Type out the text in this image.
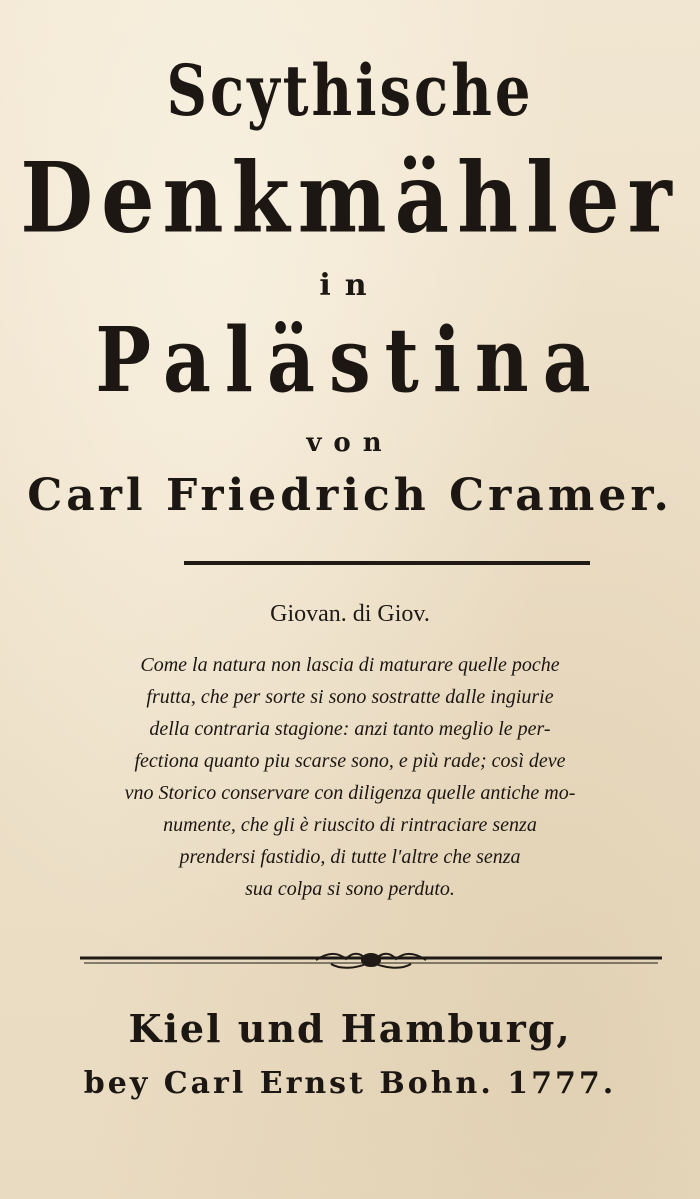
Scythische
Denkmähler
in
Palästina
von
Carl Friedrich Cramer.
Giovan. di Giov.
Come la natura non lascia di maturare quelle poche
frutta, che per sorte si sono sostratte dalle ingiurie
della contraria stagione: anzi tanto meglio le per-
fectiona quanto piu scarse sono, e più rade; così deve
vno Storico conservare con diligenza quelle antiche mo-
numente, che gli è riuscito di rintraciare senza
prendersi fastidio, di tutte l'altre che senza
sua colpa si sono perduto.
Kiel und Hamburg,
bey Carl Ernst Bohn. 1777.
